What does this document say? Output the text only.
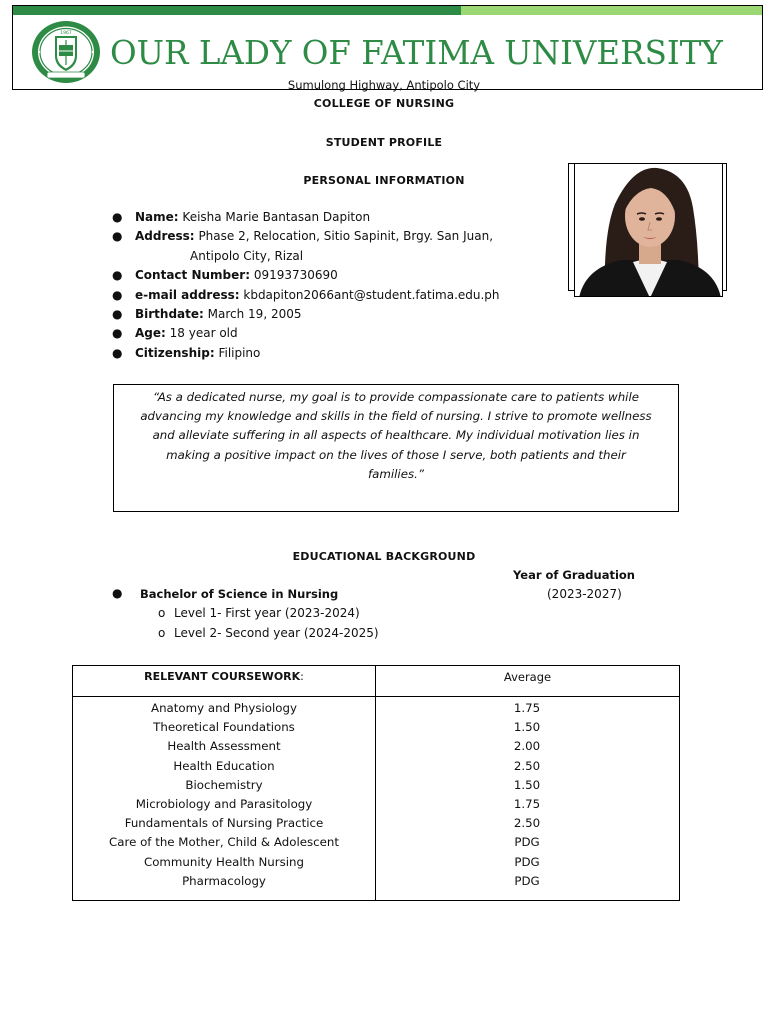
1967
OUR LADY OF FATIMA UNIVERSITY
Sumulong Highway, Antipolo City
COLLEGE OF NURSING
STUDENT PROFILE
PERSONAL INFORMATION
● Name: Keisha Marie Bantasan Dapiton
● Address: Phase 2, Relocation, Sitio Sapinit, Brgy. San Juan,
Antipolo City, Rizal
● Contact Number: 09193730690
● e-mail address: kbdapiton2066ant@student.fatima.edu.ph
● Birthdate: March 19, 2005
● Age: 18 year old
● Citizenship: Filipino
“As a dedicated nurse, my goal is to provide compassionate care to patients while
advancing my knowledge and skills in the field of nursing. I strive to promote wellness
and alleviate suffering in all aspects of healthcare. My individual motivation lies in
making a positive impact on the lives of those I serve, both patients and their
families.”
EDUCATIONAL BACKGROUND
Year of Graduation
● Bachelor of Science in Nursing	(2023-2027)
o Level 1- First year (2023-2024)
o Level 2- Second year (2024-2025)
RELEVANT COURSEWORK:	Average
Anatomy and Physiology	1.75
Theoretical Foundations	1.50
Health Assessment	2.00
Health Education	2.50
Biochemistry	1.50
Microbiology and Parasitology	1.75
Fundamentals of Nursing Practice	2.50
Care of the Mother, Child & Adolescent	PDG
Community Health Nursing	PDG
Pharmacology	PDG
